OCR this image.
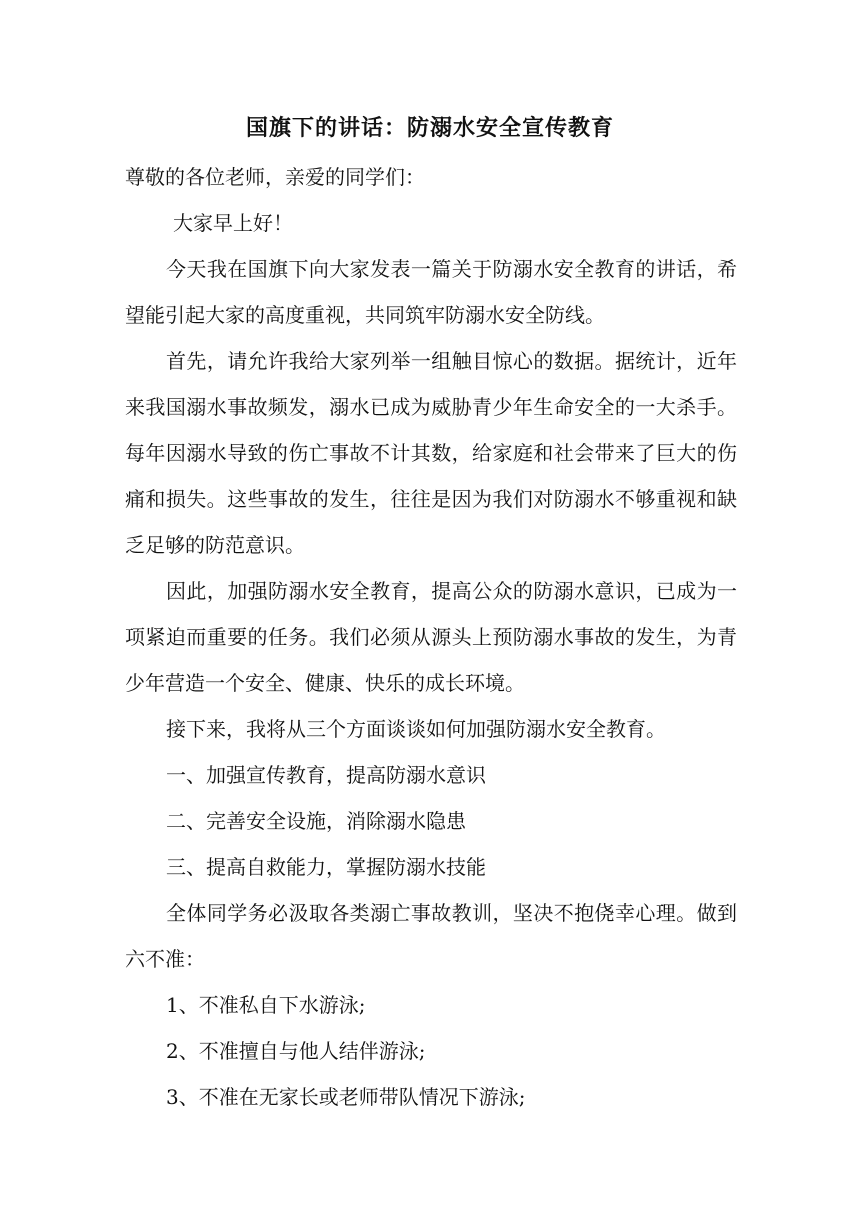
国旗下的讲话：防溺水安全宣传教育

尊敬的各位老师，亲爱的同学们：

大家早上好！

今天我在国旗下向大家发表一篇关于防溺水安全教育的讲话，希望能引起大家的高度重视，共同筑牢防溺水安全防线。

首先，请允许我给大家列举一组触目惊心的数据。据统计，近年来我国溺水事故频发，溺水已成为威胁青少年生命安全的一大杀手。每年因溺水导致的伤亡事故不计其数，给家庭和社会带来了巨大的伤痛和损失。这些事故的发生，往往是因为我们对防溺水不够重视和缺乏足够的防范意识。

因此，加强防溺水安全教育，提高公众的防溺水意识，已成为一项紧迫而重要的任务。我们必须从源头上预防溺水事故的发生，为青少年营造一个安全、健康、快乐的成长环境。

接下来，我将从三个方面谈谈如何加强防溺水安全教育。

一、加强宣传教育，提高防溺水意识

二、完善安全设施，消除溺水隐患

三、提高自救能力，掌握防溺水技能

全体同学务必汲取各类溺亡事故教训，坚决不抱侥幸心理。做到六不准：

1、不准私自下水游泳;

2、不准擅自与他人结伴游泳;

3、不准在无家长或老师带队情况下游泳;
